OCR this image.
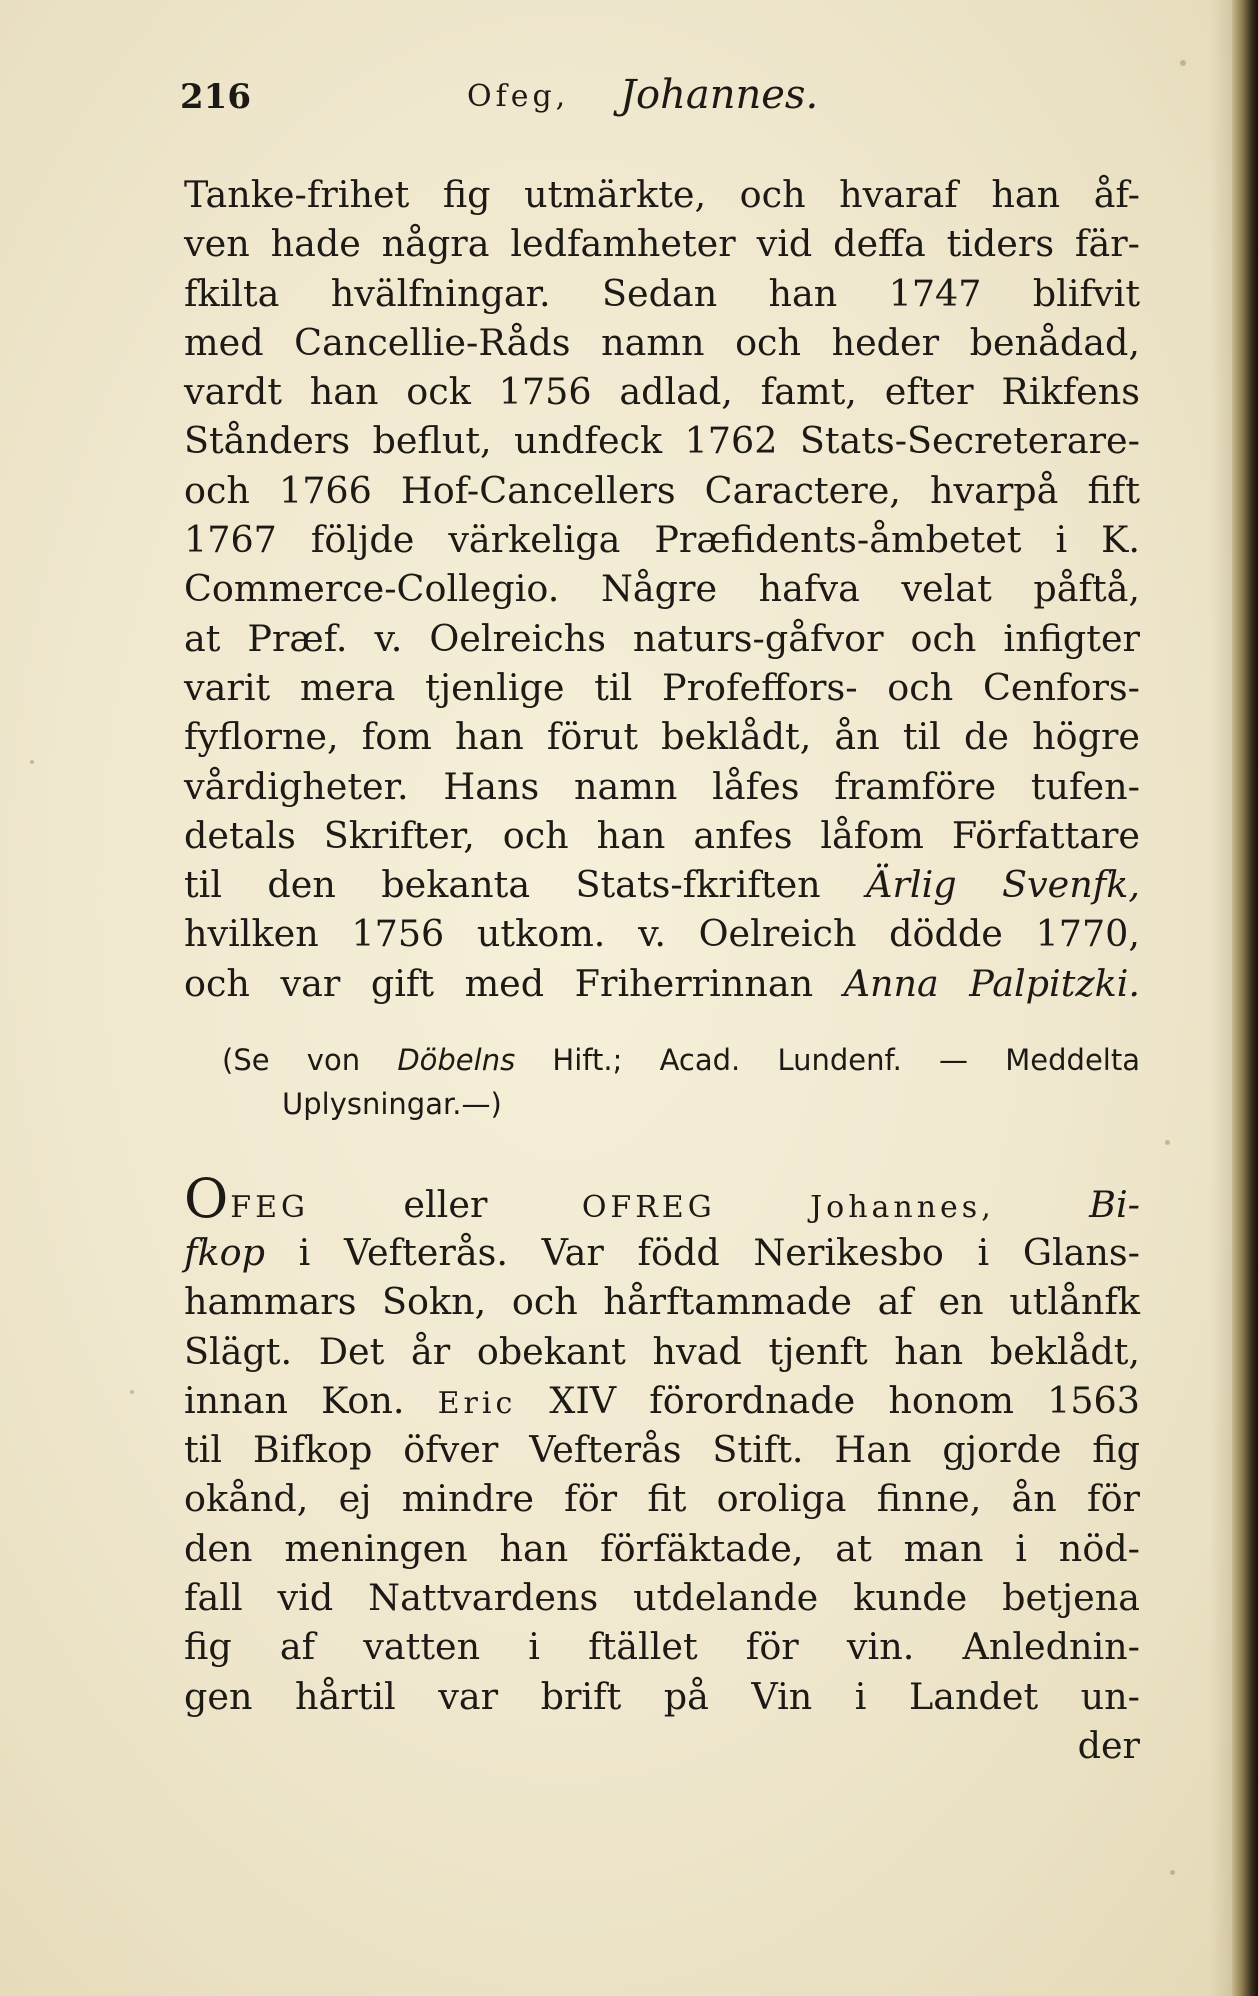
216	Ofeg, Johannes.
Tanke-frihet fig utmärkte, och hvaraf han åf-
ven hade några ledfamheter vid deffa tiders fär-
fkilta hvälfningar. Sedan han 1747 blifvit
med Cancellie-Råds namn och heder benådad,
vardt han ock 1756 adlad, famt, efter Rikfens
Stånders beflut, undfeck 1762 Stats-Secreterare-
och 1766 Hof-Cancellers Caractere, hvarpå fift
1767 följde värkeliga Præfidents-åmbetet i K.
Commerce-Collegio. Någre hafva velat påftå,
at Præf. v. Oelreichs naturs-gåfvor och infigter
varit mera tjenlige til Profeffors- och Cenfors-
fyflorne, fom han förut beklådt, ån til de högre
vårdigheter. Hans namn låfes framföre tufen-
detals Skrifter, och han anfes låfom Författare
til den bekanta Stats-fkriften Ärlig Svenfk,
hvilken 1756 utkom. v. Oelreich dödde 1770,
och var gift med Friherrinnan Anna Palpitzki.
(Se von Döbelns Hift.; Acad. Lundenf. — Meddelta
Uplysningar.—)
OFEG	eller	OFREG	Johannes,	Bi-
fkop i Vefterås. Var född Nerikesbo i Glans-
hammars Sokn, och hårftammade af en utlånfk
Slägt. Det år obekant hvad tjenft han beklådt,
innan Kon. Eric XIV förordnade honom 1563
til Bifkop öfver Vefterås Stift. Han gjorde fig
okånd, ej mindre för fit oroliga finne, ån för
den meningen han förfäktade, at man i nöd-
fall vid Nattvardens utdelande kunde betjena
fig af vatten i ftället för vin. Anlednin-
gen hårtil var brift på Vin i Landet un-
der
